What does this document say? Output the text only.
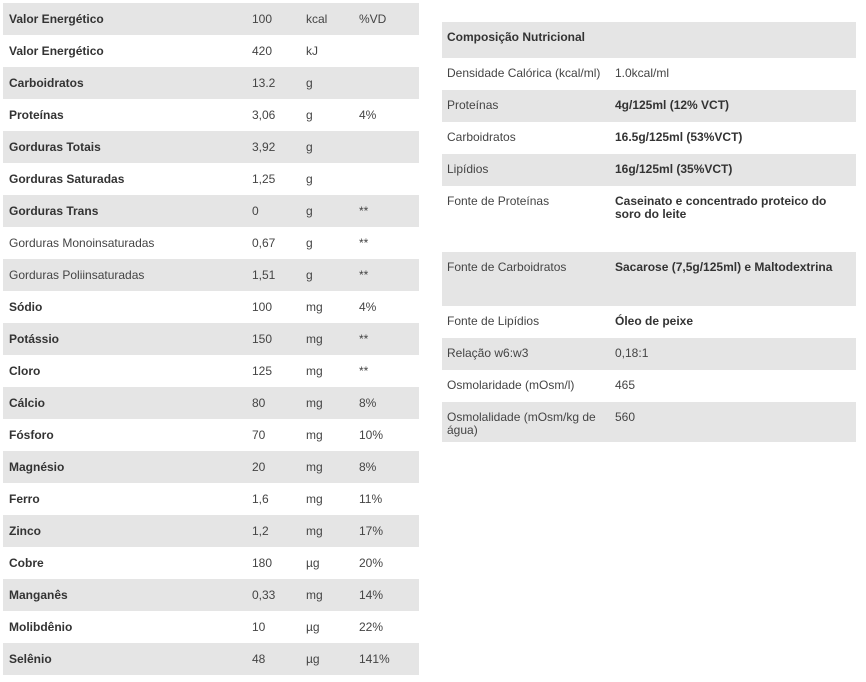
Valor Energético	100	kcal	%VD
Valor Energético	420	kJ	
Carboidratos	13.2	g	
Proteínas	3,06	g	4%
Gorduras Totais	3,92	g	
Gorduras Saturadas	1,25	g	
Gorduras Trans	0	g	**
Gorduras Monoinsaturadas	0,67	g	**
Gorduras Poliinsaturadas	1,51	g	**
Sódio	100	mg	4%
Potássio	150	mg	**
Cloro	125	mg	**
Cálcio	80	mg	8%
Fósforo	70	mg	10%
Magnésio	20	mg	8%
Ferro	1,6	mg	11%
Zinco	1,2	mg	17%
Cobre	180	µg	20%
Manganês	0,33	mg	14%
Molibdênio	10	µg	22%
Selênio	48	µg	141%
Composição Nutricional	
Densidade Calórica (kcal/ml)	1.0kcal/ml
Proteínas	4g/125ml (12% VCT)
Carboidratos	16.5g/125ml (53%VCT)
Lipídios	16g/125ml (35%VCT)
Fonte de Proteínas	Caseinato e concentrado proteico do soro do leite
Fonte de Carboidratos	Sacarose (7,5g/125ml) e Maltodextrina
Fonte de Lipídios	Óleo de peixe
Relação w6:w3	0,18:1
Osmolaridade (mOsm/l)	465
Osmolalidade (mOsm/kg de água)	560
